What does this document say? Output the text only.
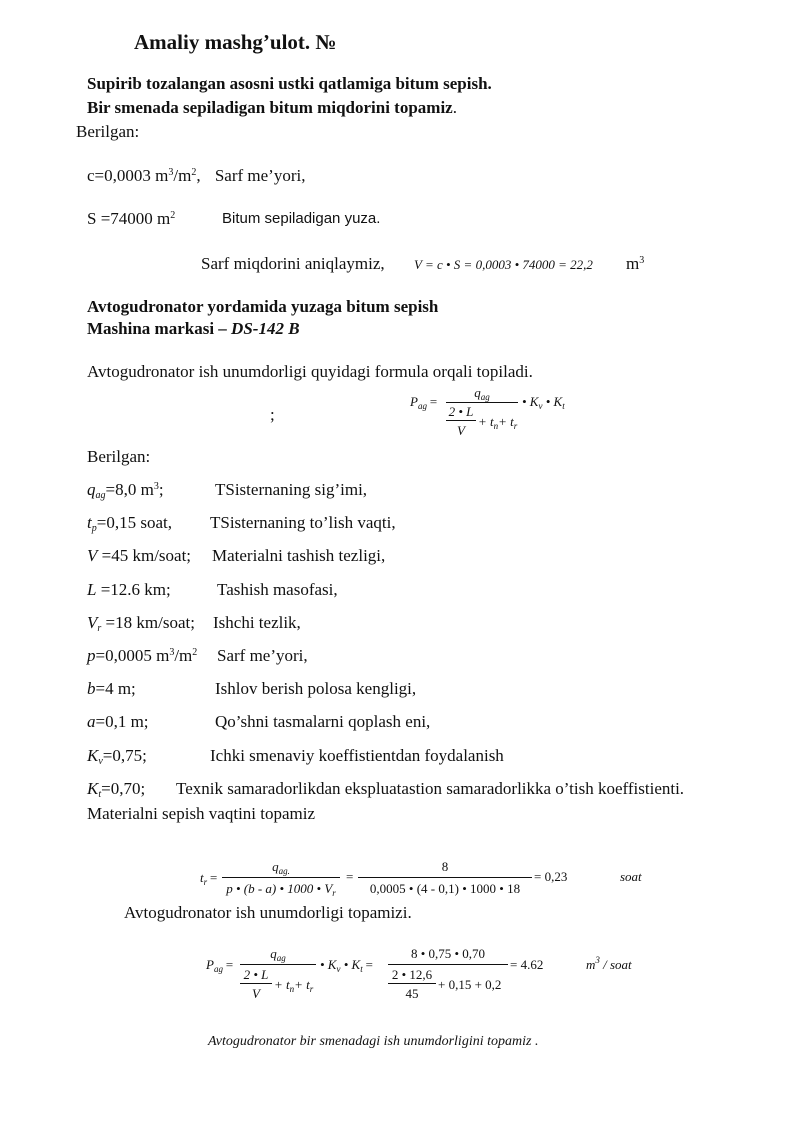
Amaliy mashg’ulot. №
Supirib tozalangan asosni ustki qatlamiga bitum sepish.
Bir smenada sepiladigan bitum miqdorini topamiz.
Berilgan:
c=0,0003 $m^3/m^2$, Sarf me’yori,
S =74000 $m^2$	Bitum sepiladigan yuza.
Sarf miqdorini aniqlaymiz, V = c • S = 0,0003 • 74000 = 22,2 $m^3$
Avtogudronator yordamida yuzaga bitum sepish
Mashina markasi – DS-142 B
Avtogudronator ish unumdorligi quyidagi formula orqali topiladi.
;
$P_{ag}$ =
$q_{ag}$
2 • L
V
+ $t_n+ t_r$
• $K_v$ • $K_t$
Berilgan:
$q_{ag}=8,0$ $m^3$;	TSisternaning sig’imi,
$t_p=0,15$ soat, TSisternaning to’lish vaqti,
V =45 km/soat; Materialni tashish tezligi,
L =12.6 km;	Tashish masofasi,
$V_r =18$ km/soat; Ishchi tezlik,
p=0,0005 $m^3/m^2$ Sarf me’yori,
b=4 m;	Ishlov berish polosa kengligi,
a=0,1 m;	Qo’shni tasmalarni qoplash eni,
$K_v=0,75$;	Ichki smenaviy koeffistientdan foydalanish
$K_t=0,70$; Texnik samaradorlikdan ekspluatastion samaradorlikka o’tish koeffistienti.
Materialni sepish vaqtini topamiz
$t_r$ =
$q_{ag.}$
p • (b - a) • 1000 • $V_r$
=
8
0,0005 • (4 - 0,1) • 1000 • 18
= 0,23	soat
Avtogudronator ish unumdorligi topamizi.
$P_{ag}$ =
$q_{ag}$
2 • L
V
+ $t_n+ t_r$
• $K_v$ • $K_t$ =
8 • 0,75 • 0,70
2 • 12,6
45
+ 0,15 + 0,2
= 4.62	$m^3$ / soat
Avtogudronator bir smenadagi ish unumdorligini topamiz .
